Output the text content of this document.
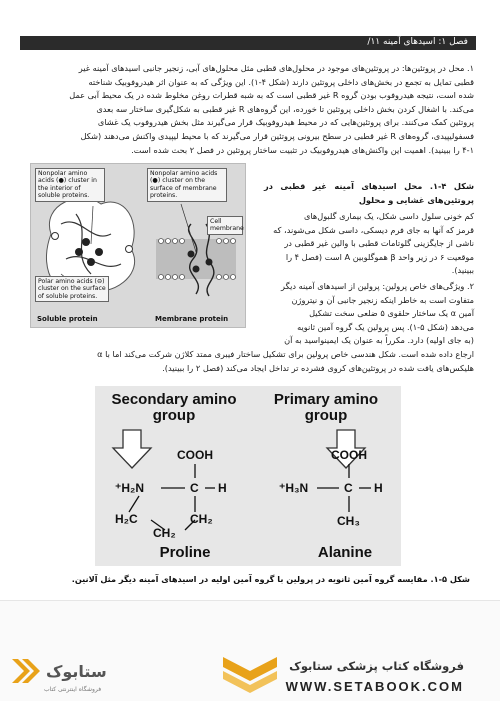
فصل ۱: اسیدهای آمینه ۱۱/
۱. محل در پروتئین‌ها: در پروتئین‌های موجود در محلول‌های قطبی مثل محلول‌های آبی، زنجیر جانبی اسیدهای آمینه غیر
قطبی تمایل به تجمع در بخش‌های داخلی پروتئین دارند (شکل ۴-۱). این ویژگی که به عنوان اثر هیدروفوبیک شناخته
شده است، نتیجه هیدروفوب بودن گروه R غیر قطبی است که به شبه قطرات روغن مخلوط شده در یک محیط آبی عمل
می‌کند. با اشغال کردن بخش داخلی پروتئین تا خورده، این گروه‌های R غیر قطبی به شکل‌گیری ساختار سه بعدی
پروتئین کمک می‌کنند. برای پروتئین‌هایی که در محیط هیدروفوبیک قرار می‌گیرند مثل بخش هیدروفوب یک غشای
فسفولیپیدی، گروه‌های R غیر قطبی در سطح بیرونی پروتئین قرار می‌گیرند که با محیط لیپیدی واکنش می‌دهند (شکل
۴-۱ را ببینید). اهمیت این واکنش‌های هیدروفوبیک در تثبیت ساختار پروتئین در فصل ۲ بحث شده است.
Nonpolar amino acids (●) cluster in the interior of soluble proteins.
Nonpolar amino acids (●) cluster on the surface of membrane proteins.
Polar amino acids (⊖) cluster on the surface of soluble proteins.
Cell membrane
Soluble protein	Membrane protein
شکل ۴-۱. محل اسیدهای آمینه غیر قطبی در پروتئین‌های غشایی و محلول
کم خونی سلول داسی شکل، یک بیماری گلبول‌های
قرمز که آنها به جای فرم دیسکی، داسی شکل می‌شوند، که
ناشی از جایگزینی گلوتامات قطبی با والین غیر قطبی در
موقعیت ۶ در زیر واحد β هموگلوبین A است (فصل ۴ را
ببینید).
۲. ویژگی‌های خاص پرولین: پرولین از اسیدهای آمینه دیگر
متفاوت است به خاطر اینکه زنجیر جانبی آن و نیتروژن
آمین α یک ساختار حلقوی ۵ ضلعی سخت تشکیل
می‌دهد (شکل ۵-۱). پس پرولین یک گروه آمین ثانویه
(به جای اولیه) دارد. مکرراً به عنوان یک ایمینواسید به آن
ارجاع داده شده است. شکل هندسی خاص پرولین برای تشکیل ساختار فیبری ممتد کلاژن شرکت می‌کند اما با α
هلیکس‌های یافت شده در پروتئین‌های کروی فشرده تر تداخل ایجاد می‌کند (فصل ۲ را ببینید).
Secondary amino group
Primary amino group
COOH
⁺H₂N	C H
H₂C	CH₂
CH₂
Proline
COOH
⁺H₃N	C H
CH₃
Alanine
شکل ۵-۱. مقایسه گروه آمین ثانویه در پرولین با گروه آمین اولیه در اسیدهای آمینه دیگر مثل آلانین.
ستابوک
فروشگاه اینترنتی کتاب
فروشگاه کتاب پزشکی ستابوک
WWW.SETABOOK.COM
